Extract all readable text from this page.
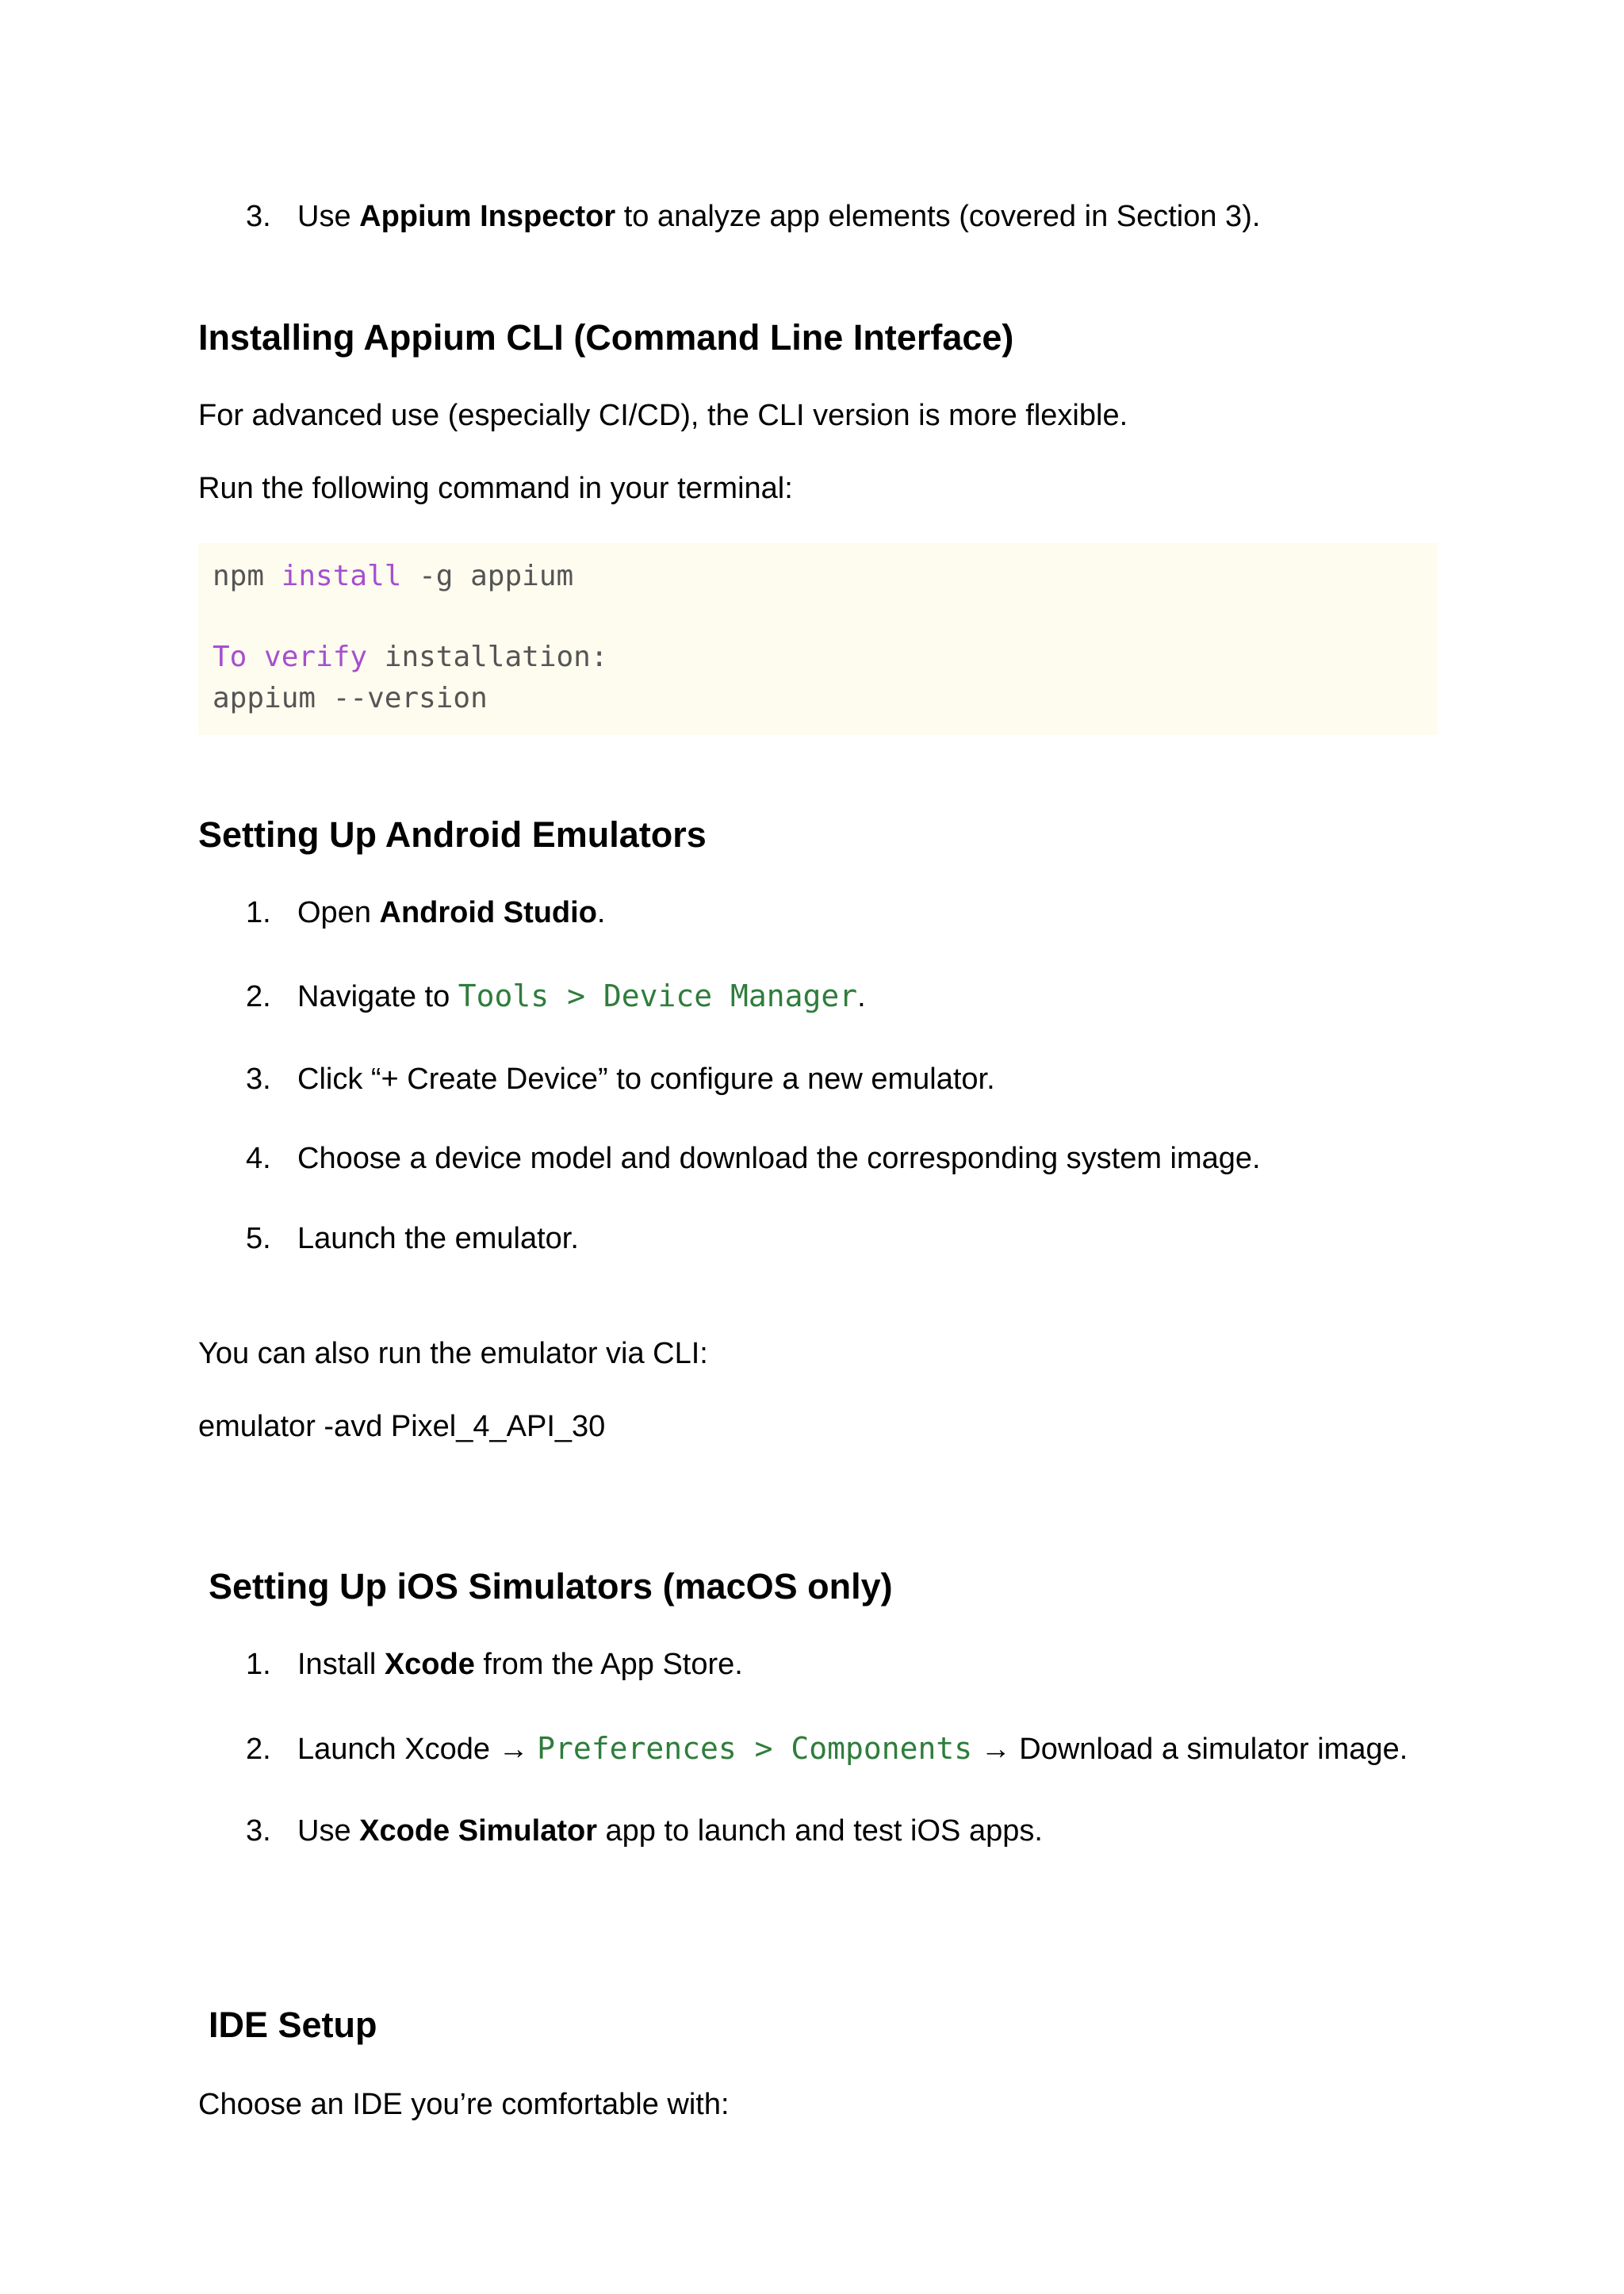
3. Use Appium Inspector to analyze app elements (covered in Section 3).
Installing Appium CLI (Command Line Interface)
For advanced use (especially CI/CD), the CLI version is more flexible.
Run the following command in your terminal:
npm install -g appium
To verify installation:
appium --version
Setting Up Android Emulators
1. Open Android Studio.
2. Navigate to Tools > Device Manager.
3. Click “+ Create Device” to configure a new emulator.
4. Choose a device model and download the corresponding system image.
5. Launch the emulator.
You can also run the emulator via CLI:
emulator -avd Pixel_4_API_30
Setting Up iOS Simulators (macOS only)
1. Install Xcode from the App Store.
2. Launch Xcode → Preferences > Components → Download a simulator image.
3. Use Xcode Simulator app to launch and test iOS apps.
IDE Setup
Choose an IDE you’re comfortable with:
